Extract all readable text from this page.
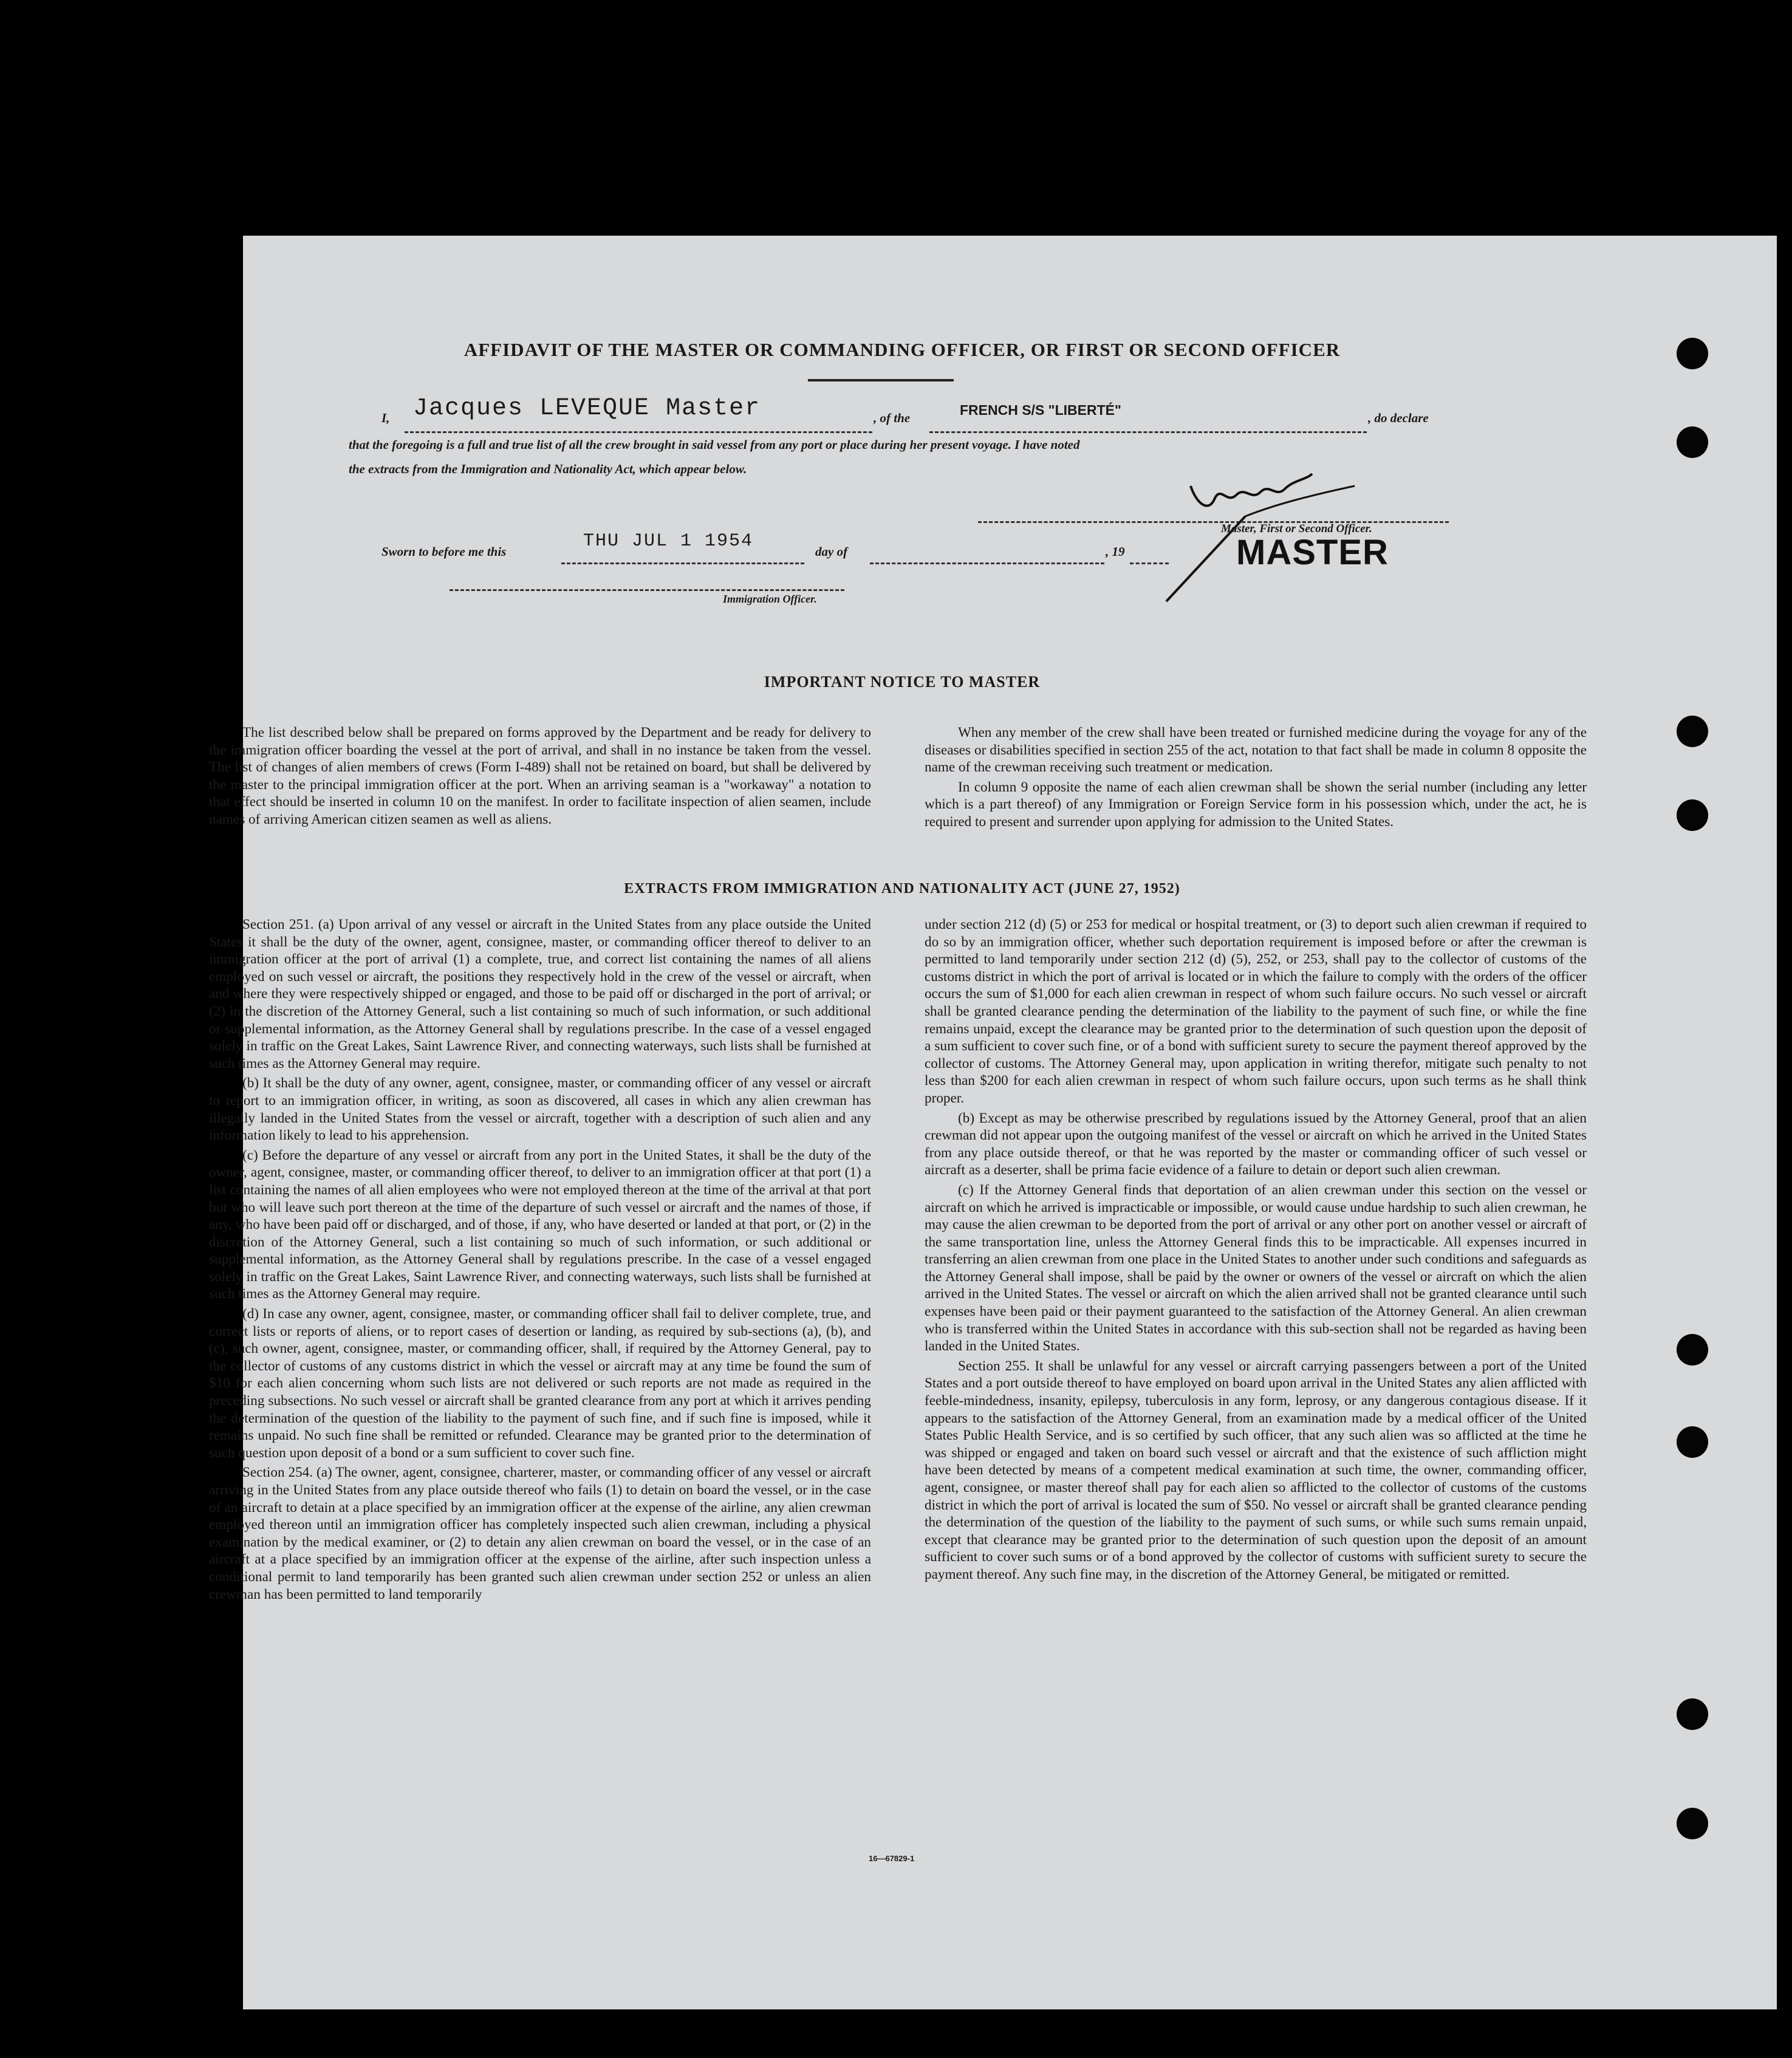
AFFIDAVIT OF THE MASTER OR COMMANDING OFFICER, OR FIRST OR SECOND OFFICER
I, Jacques LEVEQUE Master	, of the	FRENCH S/S "LIBERTÉ"	, do declare
that the foregoing is a full and true list of all the crew brought in said vessel from any port or place during her present voyage. I have noted
the extracts from the Immigration and Nationality Act, which appear below.
Master, First or Second Officer.
MASTER
Sworn to before me this	THU JUL 1 1954	day of	, 19
Immigration Officer.
IMPORTANT NOTICE TO MASTER

The list described below shall be prepared on forms approved by the Department and be ready for delivery to the immigration officer boarding the vessel at the port of arrival, and shall in no instance be taken from the vessel. The list of changes of alien members of crews (Form I-489) shall not be retained on board, but shall be delivered by the master to the principal immigration officer at the port. When an arriving seaman is a "workaway" a notation to that effect should be inserted in column 10 on the manifest. In order to facilitate inspection of alien seamen, include names of arriving American citizen seamen as well as aliens.

When any member of the crew shall have been treated or furnished medicine during the voyage for any of the diseases or disabilities specified in section 255 of the act, notation to that fact shall be made in column 8 opposite the name of the crewman receiving such treatment or medication.

In column 9 opposite the name of each alien crewman shall be shown the serial number (including any letter which is a part thereof) of any Immigration or Foreign Service form in his possession which, under the act, he is required to present and surrender upon applying for admission to the United States.

EXTRACTS FROM IMMIGRATION AND NATIONALITY ACT (JUNE 27, 1952)

Section 251. (a) Upon arrival of any vessel or aircraft in the United States from any place outside the United States it shall be the duty of the owner, agent, consignee, master, or commanding officer thereof to deliver to an immigration officer at the port of arrival (1) a complete, true, and correct list containing the names of all aliens employed on such vessel or aircraft, the positions they respectively hold in the crew of the vessel or aircraft, when and where they were respectively shipped or engaged, and those to be paid off or discharged in the port of arrival; or (2) in the discretion of the Attorney General, such a list containing so much of such information, or such additional or supplemental information, as the Attorney General shall by regulations prescribe. In the case of a vessel engaged solely in traffic on the Great Lakes, Saint Lawrence River, and connecting waterways, such lists shall be furnished at such times as the Attorney General may require.

(b) It shall be the duty of any owner, agent, consignee, master, or commanding officer of any vessel or aircraft to report to an immigration officer, in writing, as soon as discovered, all cases in which any alien crewman has illegally landed in the United States from the vessel or aircraft, together with a description of such alien and any information likely to lead to his apprehension.

(c) Before the departure of any vessel or aircraft from any port in the United States, it shall be the duty of the owner, agent, consignee, master, or commanding officer thereof, to deliver to an immigration officer at that port (1) a list containing the names of all alien employees who were not employed thereon at the time of the arrival at that port but who will leave such port thereon at the time of the departure of such vessel or aircraft and the names of those, if any, who have been paid off or discharged, and of those, if any, who have deserted or landed at that port, or (2) in the discretion of the Attorney General, such a list containing so much of such information, or such additional or supplemental information, as the Attorney General shall by regulations prescribe. In the case of a vessel engaged solely in traffic on the Great Lakes, Saint Lawrence River, and connecting waterways, such lists shall be furnished at such times as the Attorney General may require.

(d) In case any owner, agent, consignee, master, or commanding officer shall fail to deliver complete, true, and correct lists or reports of aliens, or to report cases of desertion or landing, as required by sub-sections (a), (b), and (c), such owner, agent, consignee, master, or commanding officer, shall, if required by the Attorney General, pay to the collector of customs of any customs district in which the vessel or aircraft may at any time be found the sum of $10 for each alien concerning whom such lists are not delivered or such reports are not made as required in the preceding subsections. No such vessel or aircraft shall be granted clearance from any port at which it arrives pending the determination of the question of the liability to the payment of such fine, and if such fine is imposed, while it remains unpaid. No such fine shall be remitted or refunded. Clearance may be granted prior to the determination of such question upon deposit of a bond or a sum sufficient to cover such fine.

Section 254. (a) The owner, agent, consignee, charterer, master, or commanding officer of any vessel or aircraft arriving in the United States from any place outside thereof who fails (1) to detain on board the vessel, or in the case of an aircraft to detain at a place specified by an immigration officer at the expense of the airline, any alien crewman employed thereon until an immigration officer has completely inspected such alien crewman, including a physical examination by the medical examiner, or (2) to detain any alien crewman on board the vessel, or in the case of an aircraft at a place specified by an immigration officer at the expense of the airline, after such inspection unless a conditional permit to land temporarily has been granted such alien crewman under section 252 or unless an alien crewman has been permitted to land temporarily

under section 212 (d) (5) or 253 for medical or hospital treatment, or (3) to deport such alien crewman if required to do so by an immigration officer, whether such deportation requirement is imposed before or after the crewman is permitted to land temporarily under section 212 (d) (5), 252, or 253, shall pay to the collector of customs of the customs district in which the port of arrival is located or in which the failure to comply with the orders of the officer occurs the sum of $1,000 for each alien crewman in respect of whom such failure occurs. No such vessel or aircraft shall be granted clearance pending the determination of the liability to the payment of such fine, or while the fine remains unpaid, except the clearance may be granted prior to the determination of such question upon the deposit of a sum sufficient to cover such fine, or of a bond with sufficient surety to secure the payment thereof approved by the collector of customs. The Attorney General may, upon application in writing therefor, mitigate such penalty to not less than $200 for each alien crewman in respect of whom such failure occurs, upon such terms as he shall think proper.

(b) Except as may be otherwise prescribed by regulations issued by the Attorney General, proof that an alien crewman did not appear upon the outgoing manifest of the vessel or aircraft on which he arrived in the United States from any place outside thereof, or that he was reported by the master or commanding officer of such vessel or aircraft as a deserter, shall be prima facie evidence of a failure to detain or deport such alien crewman.

(c) If the Attorney General finds that deportation of an alien crewman under this section on the vessel or aircraft on which he arrived is impracticable or impossible, or would cause undue hardship to such alien crewman, he may cause the alien crewman to be deported from the port of arrival or any other port on another vessel or aircraft of the same transportation line, unless the Attorney General finds this to be impracticable. All expenses incurred in transferring an alien crewman from one place in the United States to another under such conditions and safeguards as the Attorney General shall impose, shall be paid by the owner or owners of the vessel or aircraft on which the alien arrived in the United States. The vessel or aircraft on which the alien arrived shall not be granted clearance until such expenses have been paid or their payment guaranteed to the satisfaction of the Attorney General. An alien crewman who is transferred within the United States in accordance with this sub-section shall not be regarded as having been landed in the United States.

Section 255. It shall be unlawful for any vessel or aircraft carrying passengers between a port of the United States and a port outside thereof to have employed on board upon arrival in the United States any alien afflicted with feeble-mindedness, insanity, epilepsy, tuberculosis in any form, leprosy, or any dangerous contagious disease. If it appears to the satisfaction of the Attorney General, from an examination made by a medical officer of the United States Public Health Service, and is so certified by such officer, that any such alien was so afflicted at the time he was shipped or engaged and taken on board such vessel or aircraft and that the existence of such affliction might have been detected by means of a competent medical examination at such time, the owner, commanding officer, agent, consignee, or master thereof shall pay for each alien so afflicted to the collector of customs of the customs district in which the port of arrival is located the sum of $50. No vessel or aircraft shall be granted clearance pending the determination of the question of the liability to the payment of such sums, or while such sums remain unpaid, except that clearance may be granted prior to the determination of such question upon the deposit of an amount sufficient to cover such sums or of a bond approved by the collector of customs with sufficient surety to secure the payment thereof. Any such fine may, in the discretion of the Attorney General, be mitigated or remitted.

16—67829-1
